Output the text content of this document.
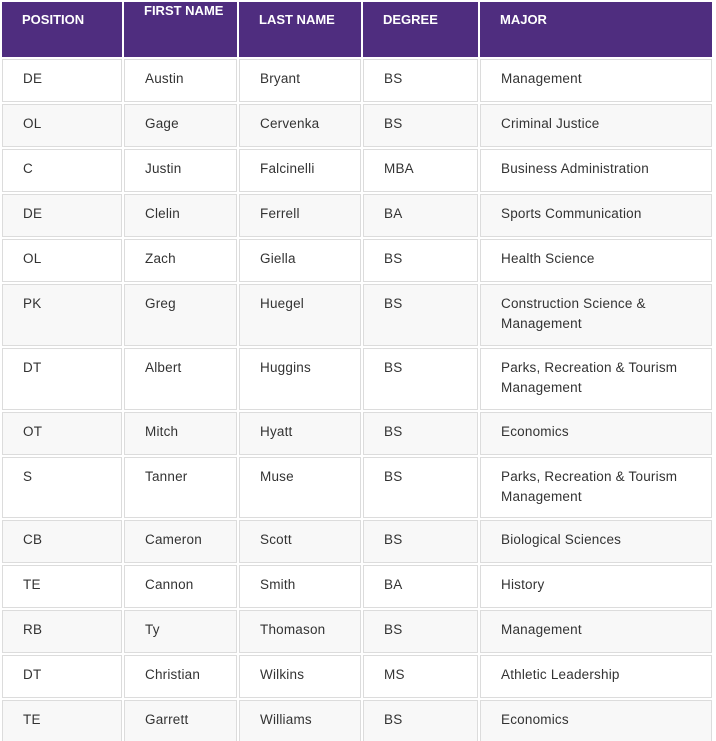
POSITION	FIRST NAME	LAST NAME	DEGREE	MAJOR

DE	Austin	Bryant	BS	Management
OL	Gage	Cervenka	BS	Criminal Justice
C	Justin	Falcinelli	MBA	Business Administration
DE	Clelin	Ferrell	BA	Sports Communication
OL	Zach	Giella	BS	Health Science
PK	Greg	Huegel	BS	Construction Science & Management
DT	Albert	Huggins	BS	Parks, Recreation & Tourism Management
OT	Mitch	Hyatt	BS	Economics
S	Tanner	Muse	BS	Parks, Recreation & Tourism Management
CB	Cameron	Scott	BS	Biological Sciences
TE	Cannon	Smith	BA	History
RB	Ty	Thomason	BS	Management
DT	Christian	Wilkins	MS	Athletic Leadership
TE	Garrett	Williams	BS	Economics
